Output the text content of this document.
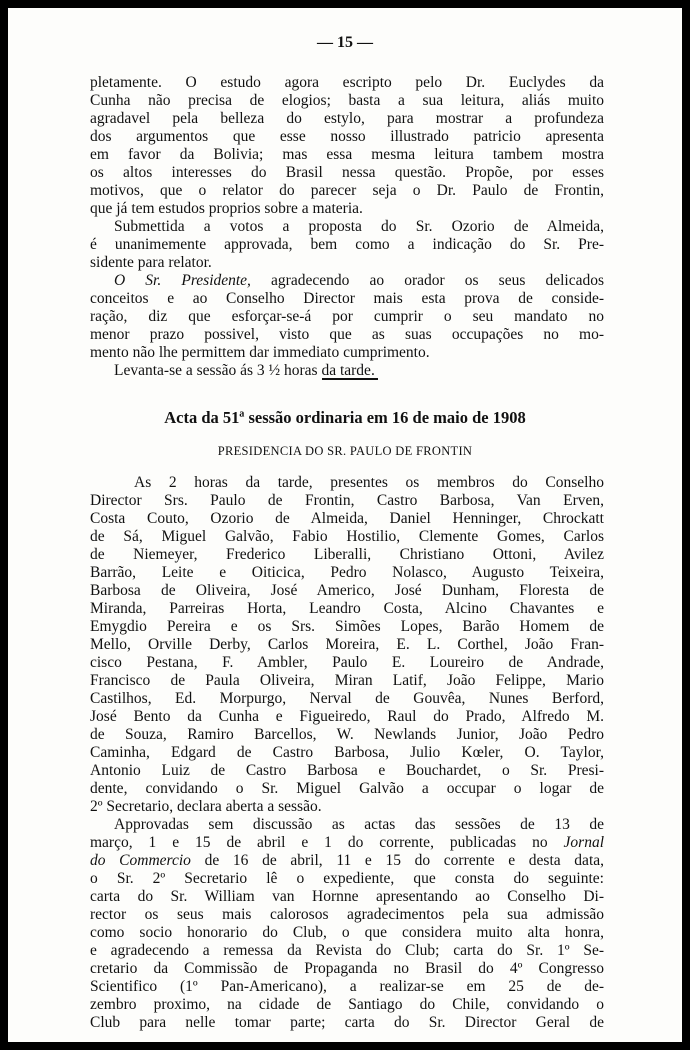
— 15 —
pletamente. O estudo agora escripto pelo Dr. Euclydes da
Cunha não precisa de elogios; basta a sua leitura, aliás muito
agradavel pela belleza do estylo, para mostrar a profundeza
dos argumentos que esse nosso illustrado patricio apresenta
em favor da Bolivia; mas essa mesma leitura tambem mostra
os altos interesses do Brasil nessa questão. Propõe, por esses
motivos, que o relator do parecer seja o Dr. Paulo de Frontin,
que já tem estudos proprios sobre a materia.
Submettida a votos a proposta do Sr. Ozorio de Almeida,
é unanimemente approvada, bem como a indicação do Sr. Pre-
sidente para relator.
O Sr. Presidente, agradecendo ao orador os seus delicados
conceitos e ao Conselho Director mais esta prova de conside-
ração, diz que esforçar-se-á por cumprir o seu mandato no
menor prazo possivel, visto que as suas occupações no mo-
mento não lhe permittem dar immediato cumprimento.
Levanta-se a sessão ás 3 ½ horas da tarde.
Acta da 51ª sessão ordinaria em 16 de maio de 1908
PRESIDENCIA DO SR. PAULO DE FRONTIN
As 2 horas da tarde, presentes os membros do Conselho
Director Srs. Paulo de Frontin, Castro Barbosa, Van Erven,
Costa Couto, Ozorio de Almeida, Daniel Henninger, Chrockatt
de Sá, Miguel Galvão, Fabio Hostilio, Clemente Gomes, Carlos
de Niemeyer, Frederico Liberalli, Christiano Ottoni, Avilez
Barrão, Leite e Oiticica, Pedro Nolasco, Augusto Teixeira,
Barbosa de Oliveira, José Americo, José Dunham, Floresta de
Miranda, Parreiras Horta, Leandro Costa, Alcino Chavantes e
Emygdio Pereira e os Srs. Simões Lopes, Barão Homem de
Mello, Orville Derby, Carlos Moreira, E. L. Corthel, João Fran-
cisco Pestana, F. Ambler, Paulo E. Loureiro de Andrade,
Francisco de Paula Oliveira, Miran Latif, João Felippe, Mario
Castilhos, Ed. Morpurgo, Nerval de Gouvêa, Nunes Berford,
José Bento da Cunha e Figueiredo, Raul do Prado, Alfredo M.
de Souza, Ramiro Barcellos, W. Newlands Junior, João Pedro
Caminha, Edgard de Castro Barbosa, Julio Kœler, O. Taylor,
Antonio Luiz de Castro Barbosa e Bouchardet, o Sr. Presi-
dente, convidando o Sr. Miguel Galvão a occupar o logar de
2º Secretario, declara aberta a sessão.
Approvadas sem discussão as actas das sessões de 13 de
março, 1 e 15 de abril e 1 do corrente, publicadas no Jornal
do Commercio de 16 de abril, 11 e 15 do corrente e desta data,
o Sr. 2º Secretario lê o expediente, que consta do seguinte:
carta do Sr. William van Hornne apresentando ao Conselho Di-
rector os seus mais calorosos agradecimentos pela sua admissão
como socio honorario do Club, o que considera muito alta honra,
e agradecendo a remessa da Revista do Club; carta do Sr. 1º Se-
cretario da Commissão de Propaganda no Brasil do 4º Congresso
Scientifico (1º Pan-Americano), a realizar-se em 25 de de-
zembro proximo, na cidade de Santiago do Chile, convidando o
Club para nelle tomar parte; carta do Sr. Director Geral de
